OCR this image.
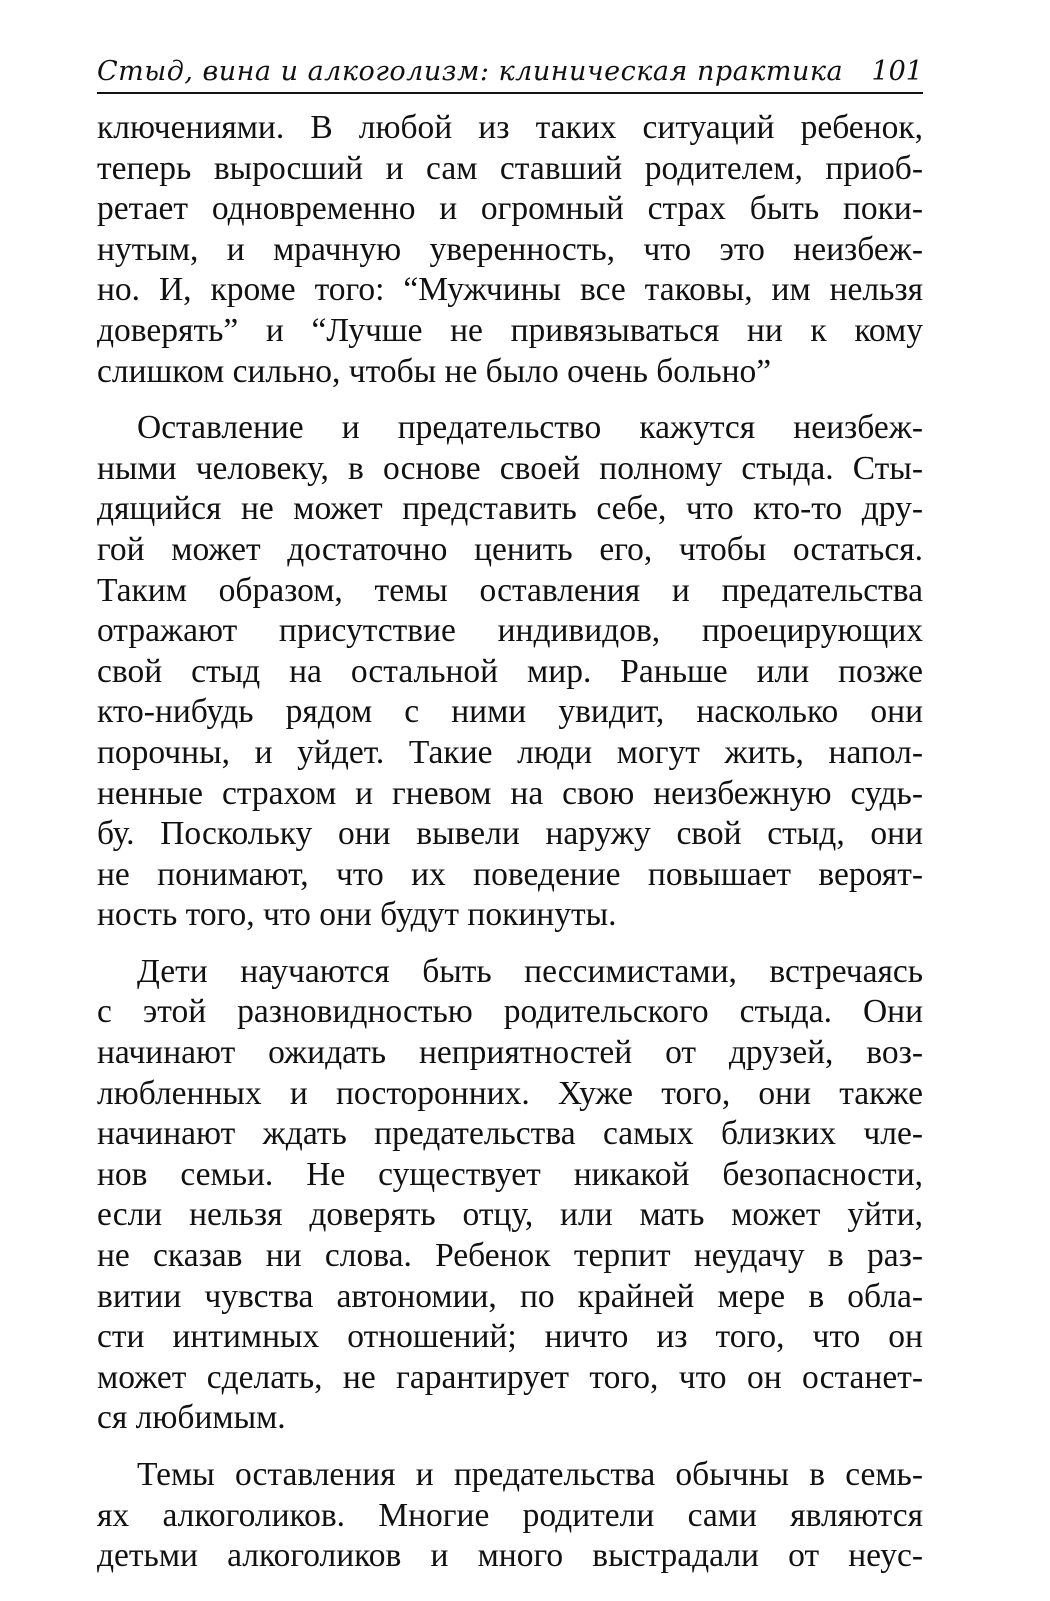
Стыд, вина и алкоголизм: клиническая практика 101
ключениями. В любой из таких ситуаций ребенок,
теперь выросший и сам ставший родителем, приоб-
ретает одновременно и огромный страх быть поки-
нутым, и мрачную уверенность, что это неизбеж-
но. И, кроме того: “Мужчины все таковы, им нельзя
доверять” и “Лучше не привязываться ни к кому
слишком сильно, чтобы не было очень больно”
Оставление и предательство кажутся неизбеж-
ными человеку, в основе своей полному стыда. Сты-
дящийся не может представить себе, что кто-то дру-
гой может достаточно ценить его, чтобы остаться.
Таким образом, темы оставления и предательства
отражают присутствие индивидов, проецирующих
свой стыд на остальной мир. Раньше или позже
кто-нибудь рядом с ними увидит, насколько они
порочны, и уйдет. Такие люди могут жить, напол-
ненные страхом и гневом на свою неизбежную судь-
бу. Поскольку они вывели наружу свой стыд, они
не понимают, что их поведение повышает вероят-
ность того, что они будут покинуты.
Дети научаются быть пессимистами, встречаясь
с этой разновидностью родительского стыда. Они
начинают ожидать неприятностей от друзей, воз-
любленных и посторонних. Хуже того, они также
начинают ждать предательства самых близких чле-
нов семьи. Не существует никакой безопасности,
если нельзя доверять отцу, или мать может уйти,
не сказав ни слова. Ребенок терпит неудачу в раз-
витии чувства автономии, по крайней мере в обла-
сти интимных отношений; ничто из того, что он
может сделать, не гарантирует того, что он останет-
ся любимым.
Темы оставления и предательства обычны в семь-
ях алкоголиков. Многие родители сами являются
детьми алкоголиков и много выстрадали от неус-
